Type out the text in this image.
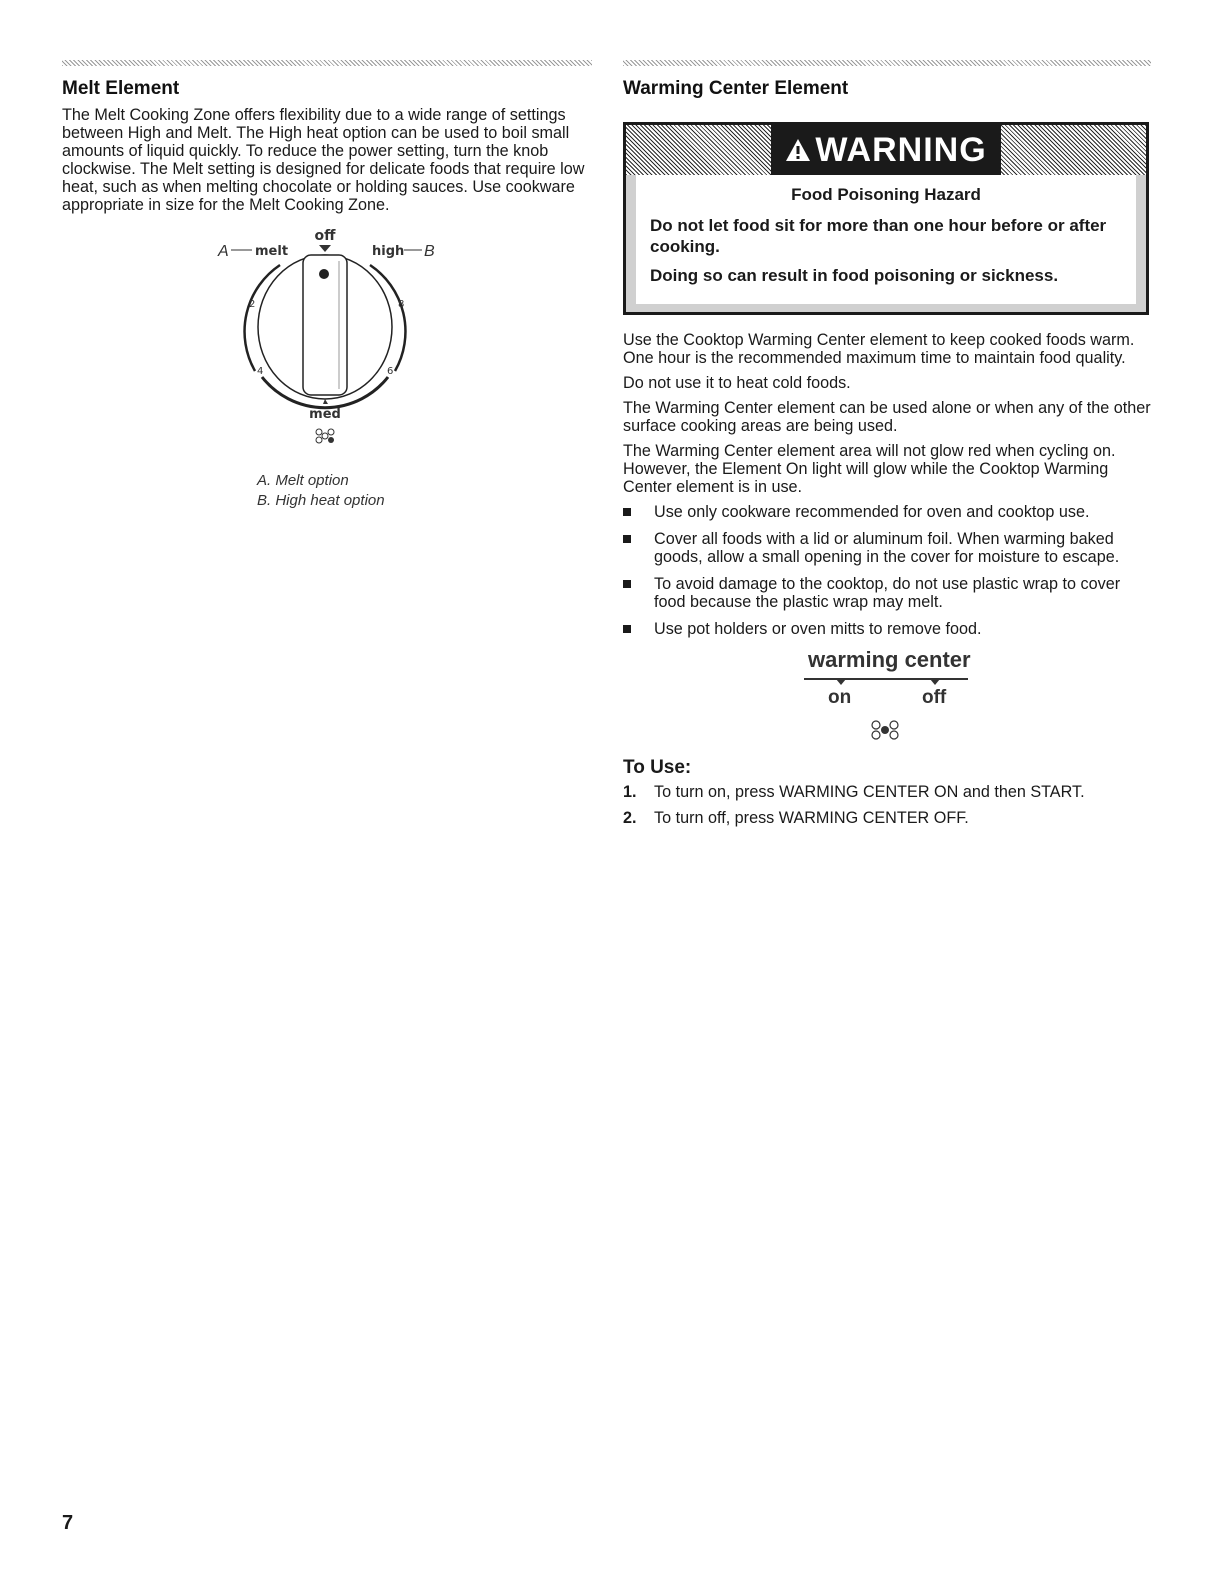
Melt Element

The Melt Cooking Zone offers flexibility due to a wide range of settings between High and Melt. The High heat option can be used to boil small amounts of liquid quickly. To reduce the power setting, turn the knob clockwise. The Melt setting is designed for delicate foods that require low heat, such as when melting chocolate or holding sauces. Use cookware appropriate in size for the Melt Cooking Zone.

off
A melt	high B
2	8
4	6
med
A. Melt option
B. High heat option
Warming Center Element
WARNING
Food Poisoning Hazard
Do not let food sit for more than one hour before or after cooking.
Doing so can result in food poisoning or sickness.

Use the Cooktop Warming Center element to keep cooked foods warm. One hour is the recommended maximum time to maintain food quality.

Do not use it to heat cold foods.

The Warming Center element can be used alone or when any of the other surface cooking areas are being used.

The Warming Center element area will not glow red when cycling on. However, the Element On light will glow while the Cooktop Warming Center element is in use.

Use only cookware recommended for oven and cooktop use.
Cover all foods with a lid or aluminum foil. When warming baked goods, allow a small opening in the cover for moisture to escape.
To avoid damage to the cooktop, do not use plastic wrap to cover food because the plastic wrap may melt.
Use pot holders or oven mitts to remove food.
warming center
on	off
To Use:
1. To turn on, press WARMING CENTER ON and then START.
2. To turn off, press WARMING CENTER OFF.
7
